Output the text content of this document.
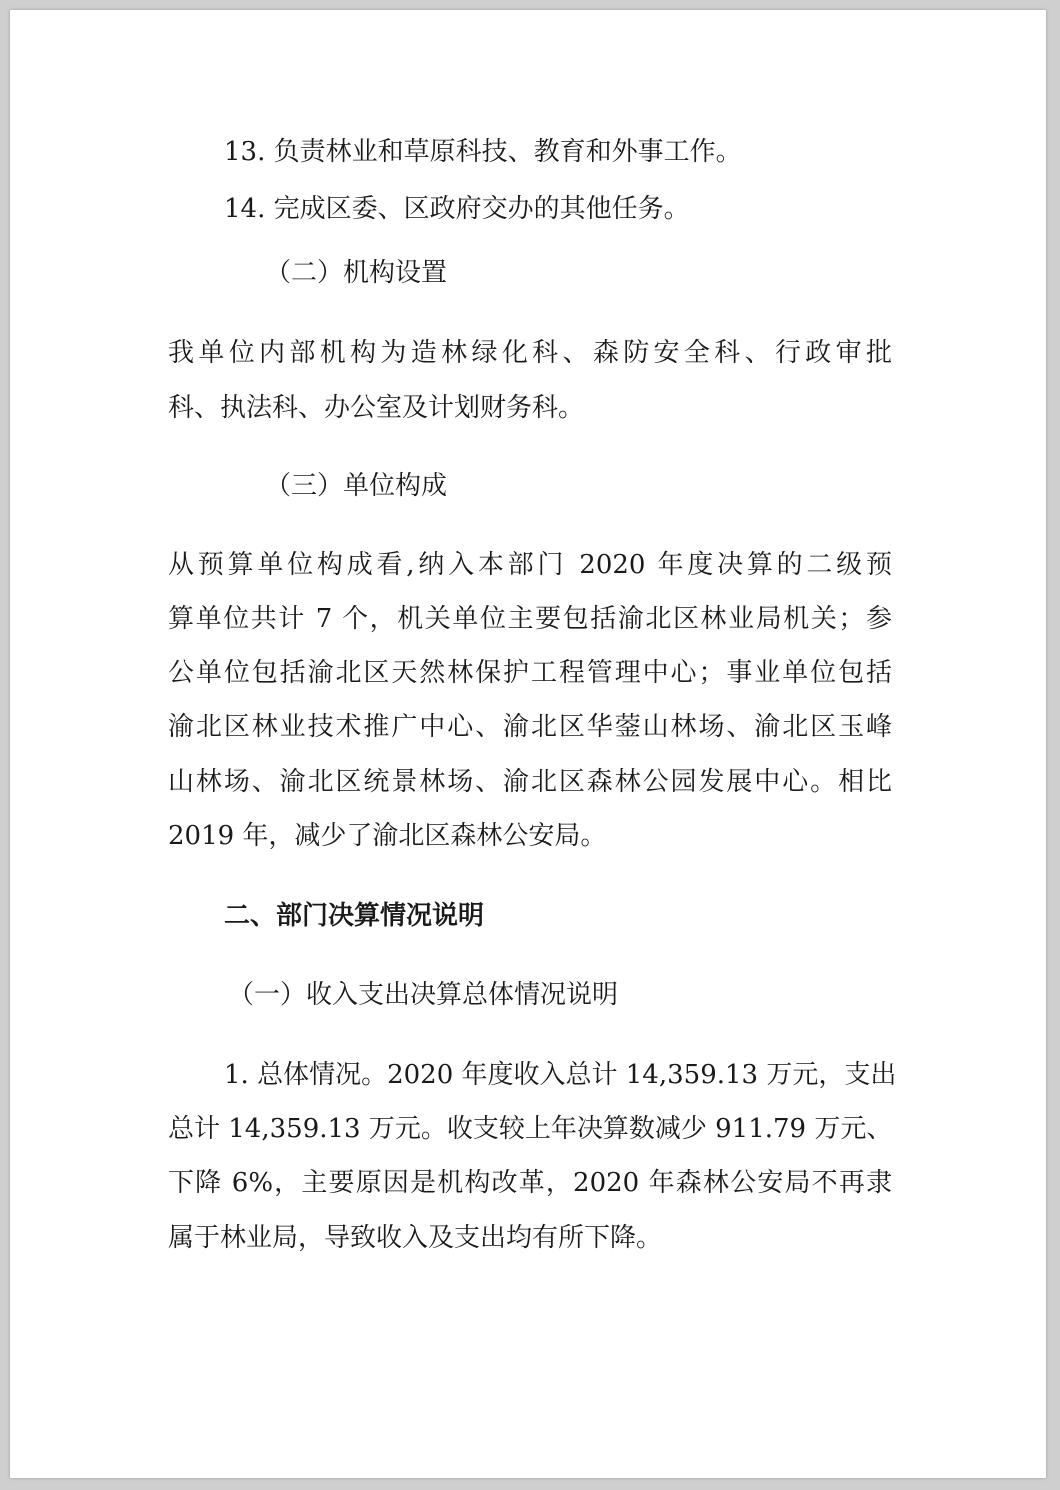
13. 负责林业和草原科技、教育和外事工作。
14. 完成区委、区政府交办的其他任务。
（二）机构设置
我单位内部机构为造林绿化科、森防安全科、行政审批
科、执法科、办公室及计划财务科。
（三）单位构成
从预算单位构成看,纳入本部门 2020 年度决算的二级预
算单位共计 7 个，机关单位主要包括渝北区林业局机关；参
公单位包括渝北区天然林保护工程管理中心；事业单位包括
渝北区林业技术推广中心、渝北区华蓥山林场、渝北区玉峰
山林场、渝北区统景林场、渝北区森林公园发展中心。相比
2019 年，减少了渝北区森林公安局。
二、部门决算情况说明
（一）收入支出决算总体情况说明
1. 总体情况。2020 年度收入总计 14,359.13 万元，支出
总计 14,359.13 万元。收支较上年决算数减少 911.79 万元、
下降 6%，主要原因是机构改革，2020 年森林公安局不再隶
属于林业局，导致收入及支出均有所下降。
